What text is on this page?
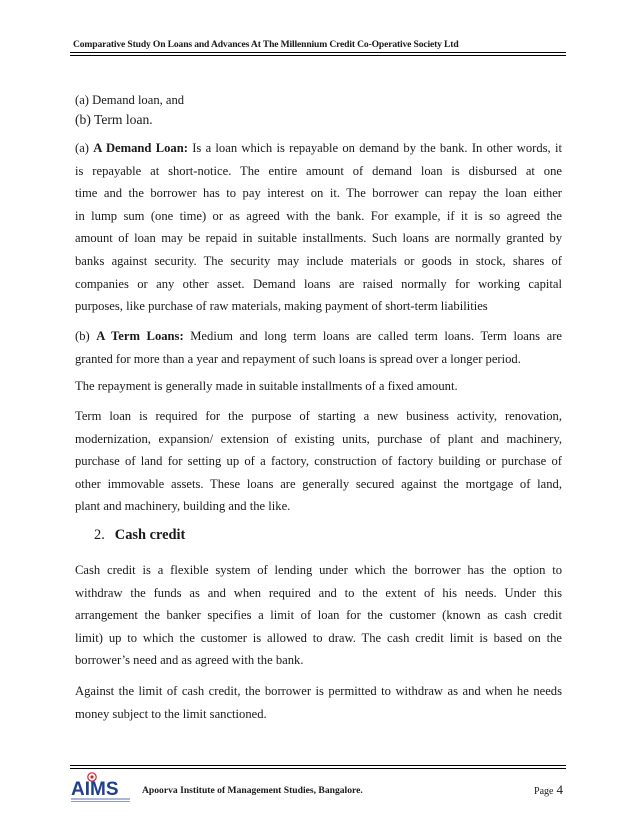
Comparative Study On Loans and Advances At The Millennium Credit Co-Operative Society Ltd
(a) Demand loan, and
(b) Term loan.
(a) A Demand Loan: Is a loan which is repayable on demand by the bank. In other words, it
is repayable at short-notice. The entire amount of demand loan is disbursed at one
time and the borrower has to pay interest on it. The borrower can repay the loan either
in lump sum (one time) or as agreed with the bank. For example, if it is so agreed the
amount of loan may be repaid in suitable installments. Such loans are normally granted by
banks against security. The security may include materials or goods in stock, shares of
companies or any other asset. Demand loans are raised normally for working capital
purposes, like purchase of raw materials, making payment of short-term liabilities
(b) A Term Loans: Medium and long term loans are called term loans. Term loans are
granted for more than a year and repayment of such loans is spread over a longer period.
The repayment is generally made in suitable installments of a fixed amount.
Term loan is required for the purpose of starting a new business activity, renovation,
modernization, expansion/ extension of existing units, purchase of plant and machinery,
purchase of land for setting up of a factory, construction of factory building or purchase of
other immovable assets. These loans are generally secured against the mortgage of land,
plant and machinery, building and the like.
Cash credit is a flexible system of lending under which the borrower has the option to
withdraw the funds as and when required and to the extent of his needs. Under this
arrangement the banker specifies a limit of loan for the customer (known as cash credit
limit) up to which the customer is allowed to draw. The cash credit limit is based on the
borrower’s need and as agreed with the bank.
Against the limit of cash credit, the borrower is permitted to withdraw as and when he needs
money subject to the limit sanctioned.
2. Cash credit
AIMS Apoorva Institute of Management Studies, Bangalore.	Page 4
